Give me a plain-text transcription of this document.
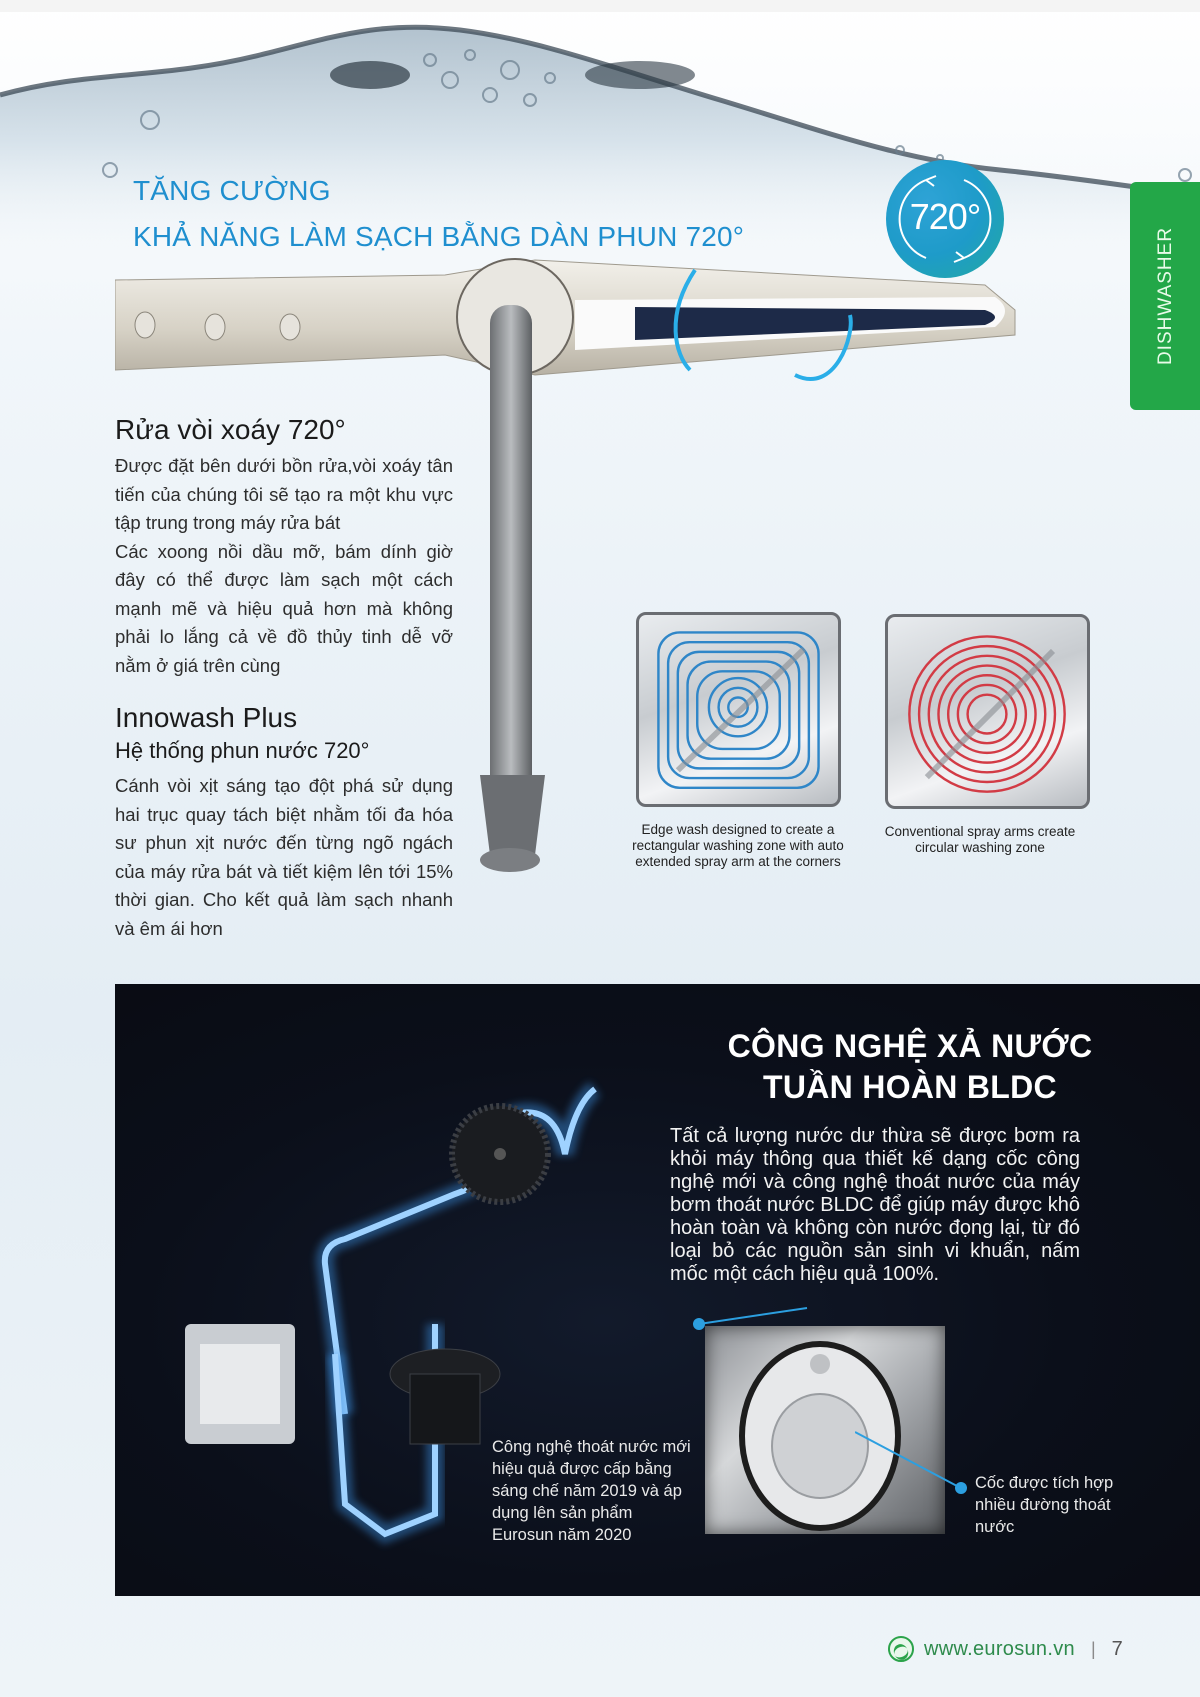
TĂNG CƯỜNG
KHẢ NĂNG LÀM SẠCH BẰNG DÀN PHUN 720°	720°
DISHWASHER
Rửa vòi xoáy 720°

Được đặt bên dưới bồn rửa,vòi xoáy tân tiến của chúng tôi sẽ tạo ra một khu vực tập trung trong máy rửa bát

Các xoong nồi dầu mỡ, bám dính giờ đây có thể được làm sạch một cách mạnh mẽ và hiệu quả hơn mà không phải lo lắng cả về đồ thủy tinh dễ vỡ nằm ở giá trên cùng

Innowash Plus
Hệ thống phun nước 720°
Cánh vòi xịt sáng tạo đột phá sử dụng hai trục quay tách biệt nhằm tối đa hóa sư phun xịt nước đến từng ngõ ngách của máy rửa bát và tiết kiệm lên tới 15% thời gian. Cho kết quả làm sạch nhanh và êm ái hơn
Edge wash designed to create a rectangular washing zone with auto extended spray arm at the corners
Conventional spray arms create circular washing zone
CÔNG NGHỆ XẢ NƯỚC
TUẦN HOÀN BLDC
Tất cả lượng nước dư thừa sẽ được bơm ra khỏi máy thông qua thiết kế dạng cốc công nghệ mới và công nghệ thoát nước của máy bơm thoát nước BLDC để giúp máy được khô hoàn toàn và không còn nước đọng lại, từ đó loại bỏ các nguồn sản sinh vi khuẩn, nấm mốc một cách hiệu quả 100%.
Công nghệ thoát nước mới hiệu quả được cấp bằng sáng chế năm 2019 và áp dụng lên sản phẩm Eurosun năm 2020
Cốc được tích hợp nhiều đường thoát nước
www.eurosun.vn | 7
